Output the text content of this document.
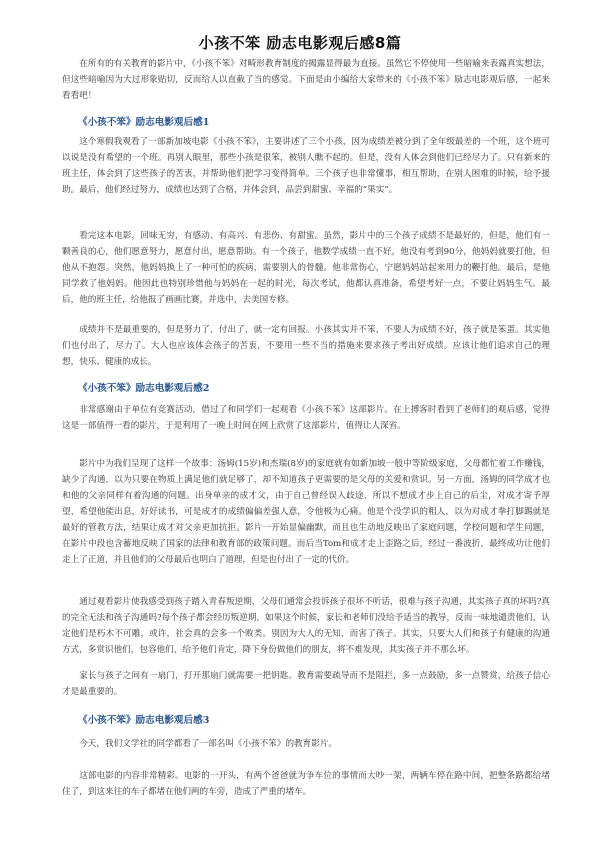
小孩不笨 励志电影观后感8篇

在所有的有关教育的影片中，《小孩不笨》对畸形教育制度的揭露显得最为直接。虽然它不停使用一些暗喻来表露真实想法，但这些暗喻因为大过形象贴切，反而给人以直截了当的感觉。下面是由小编给大家带来的《小孩不笨》励志电影观后感，一起来看看吧！

《小孩不笨》励志电影观后感1

这个寒假我观看了一部新加坡电影《小孩不笨》，主要讲述了三个小孩，因为成绩差被分到了全年级最差的一个班，这个班可以说是没有希望的一个班。再别人眼里，那些小孩是很笨，被别人瞧不起的。但是，没有人体会到他们已经尽力了。只有新来的班主任，体会到了这些孩子的苦衷，并帮助他们把学习变得简单。三个孩子也非常懂事，相互帮助，在别人困难的时候，给予援助。最后，他们经过努力，成绩也达到了合格，并体会到，品尝到甜蜜、幸福的“果实”。

看完这本电影，回味无穷，有感动、有高兴、有悲伤、有甜蜜。虽然，影片中的三个孩子成绩不是最好的，但是，他们有一颗善良的心，他们愿意努力，愿意付出，愿意帮助。有一个孩子，他数学成绩一直不好，他没有考到90分，他妈妈就要打他，但他从不抱怨。突然，他妈妈换上了一种可怕的疾病，需要别人的骨髓。他非常伤心，宁愿妈妈站起来用力的鞭打他。最后，是他同学救了他妈妈。他因此也特别珍惜他与妈妈在一起的时光，每次考试，他都认真准备，希望考好一点，不要让妈妈生气。最后，他的班主任，给他报了画画比赛，并选中，去美国专修。

成绩并不是最重要的，但是努力了，付出了，就一定有回报。小孩其实并不笨，不要人为成绩不好，孩子就是笨蛋。其实他们也付出了，尽力了。大人也应该体会孩子的苦衷，不要用一些不当的措施来要求孩子考出好成绩。应该让他们追求自己的理想，快乐、健康的成长。

《小孩不笨》励志电影观后感2

非常感谢由于单位有竞赛活动，借过了和同学们一起观看《小孩不笨》这部影片。在上搏客时看到了老师们的观后感，觉得这是一部值得一看的影片，于是利用了一晚上时间在网上欣赏了这部影片，值得让人深省。

影片中为我们呈现了这样一个故事：汤姆(15岁)和杰瑞(8岁)的家庭就有如新加坡一般中等阶级家庭，父母都忙着工作赚钱，缺少了沟通，以为只要在物质上满足他们就足够了，却不知道孩子更需要的是父母的关爱和赏识。另一方面，汤姆的同学成才也和他的父亲同样有着沟通的问题。出身单亲的成才父，由于自己曾经误入歧途，所以不想成才步上自己的后尘，对成才寄予厚望，希望他能出息，好好读书，可是成才的成绩偏偏差强人意，令他极为心痛。他是个没学识的粗人，以为对成才拳打脚踢就是最好的管教方法，结果让成才对父亲更加抗拒。影片一开始显偏幽默，而且也生动地反映出了家庭问题，学校问题和学生问题，在影片中段也含蓄地反映了国家的法律和教育部的政策问题。而后当Tom和成才走上歪路之后，经过一番波折，最终成功让他们走上了正道，并且他们的父母最后也明白了道理，但是也付出了一定的代价。

通过观看影片使我感受到孩子踏入青春叛逆期，父母们通常会投诉孩子很坏不听话，很难与孩子沟通，其实孩子真的坏吗?真的完全无法和孩子沟通吗?每个孩子都会经历叛逆期，如果这个时候，家长和老师们没给予适当的教导，反而一味地谴责他们，认定他们是朽木不可雕，或许，社会真的会多一个败类。别因为大人的无知，而害了孩子。其实，只要大人们和孩子有健康的沟通方式，多赏识他们，包容他们，给予他们肯定，降下身份做他们的朋友，将不难发现，其实孩子并不那么坏。

家长与孩子之间有一扇门，打开那扇门就需要一把钥匙。教育需要疏导而不是阻拦，多一点鼓励，多一点赞赏，给孩子信心才是最重要的。

《小孩不笨》励志电影观后感3

今天，我们文学社的同学都看了一部名叫《小孩不笨》的教育影片。

这部电影的内容非常精彩。电影的一开头，有两个爸爸就为争车位的事情而大吵一架，两辆车停在路中间，把整条路都给堵住了，到这来往的车子都堵在他们两的车旁，造成了严重的堵车。
